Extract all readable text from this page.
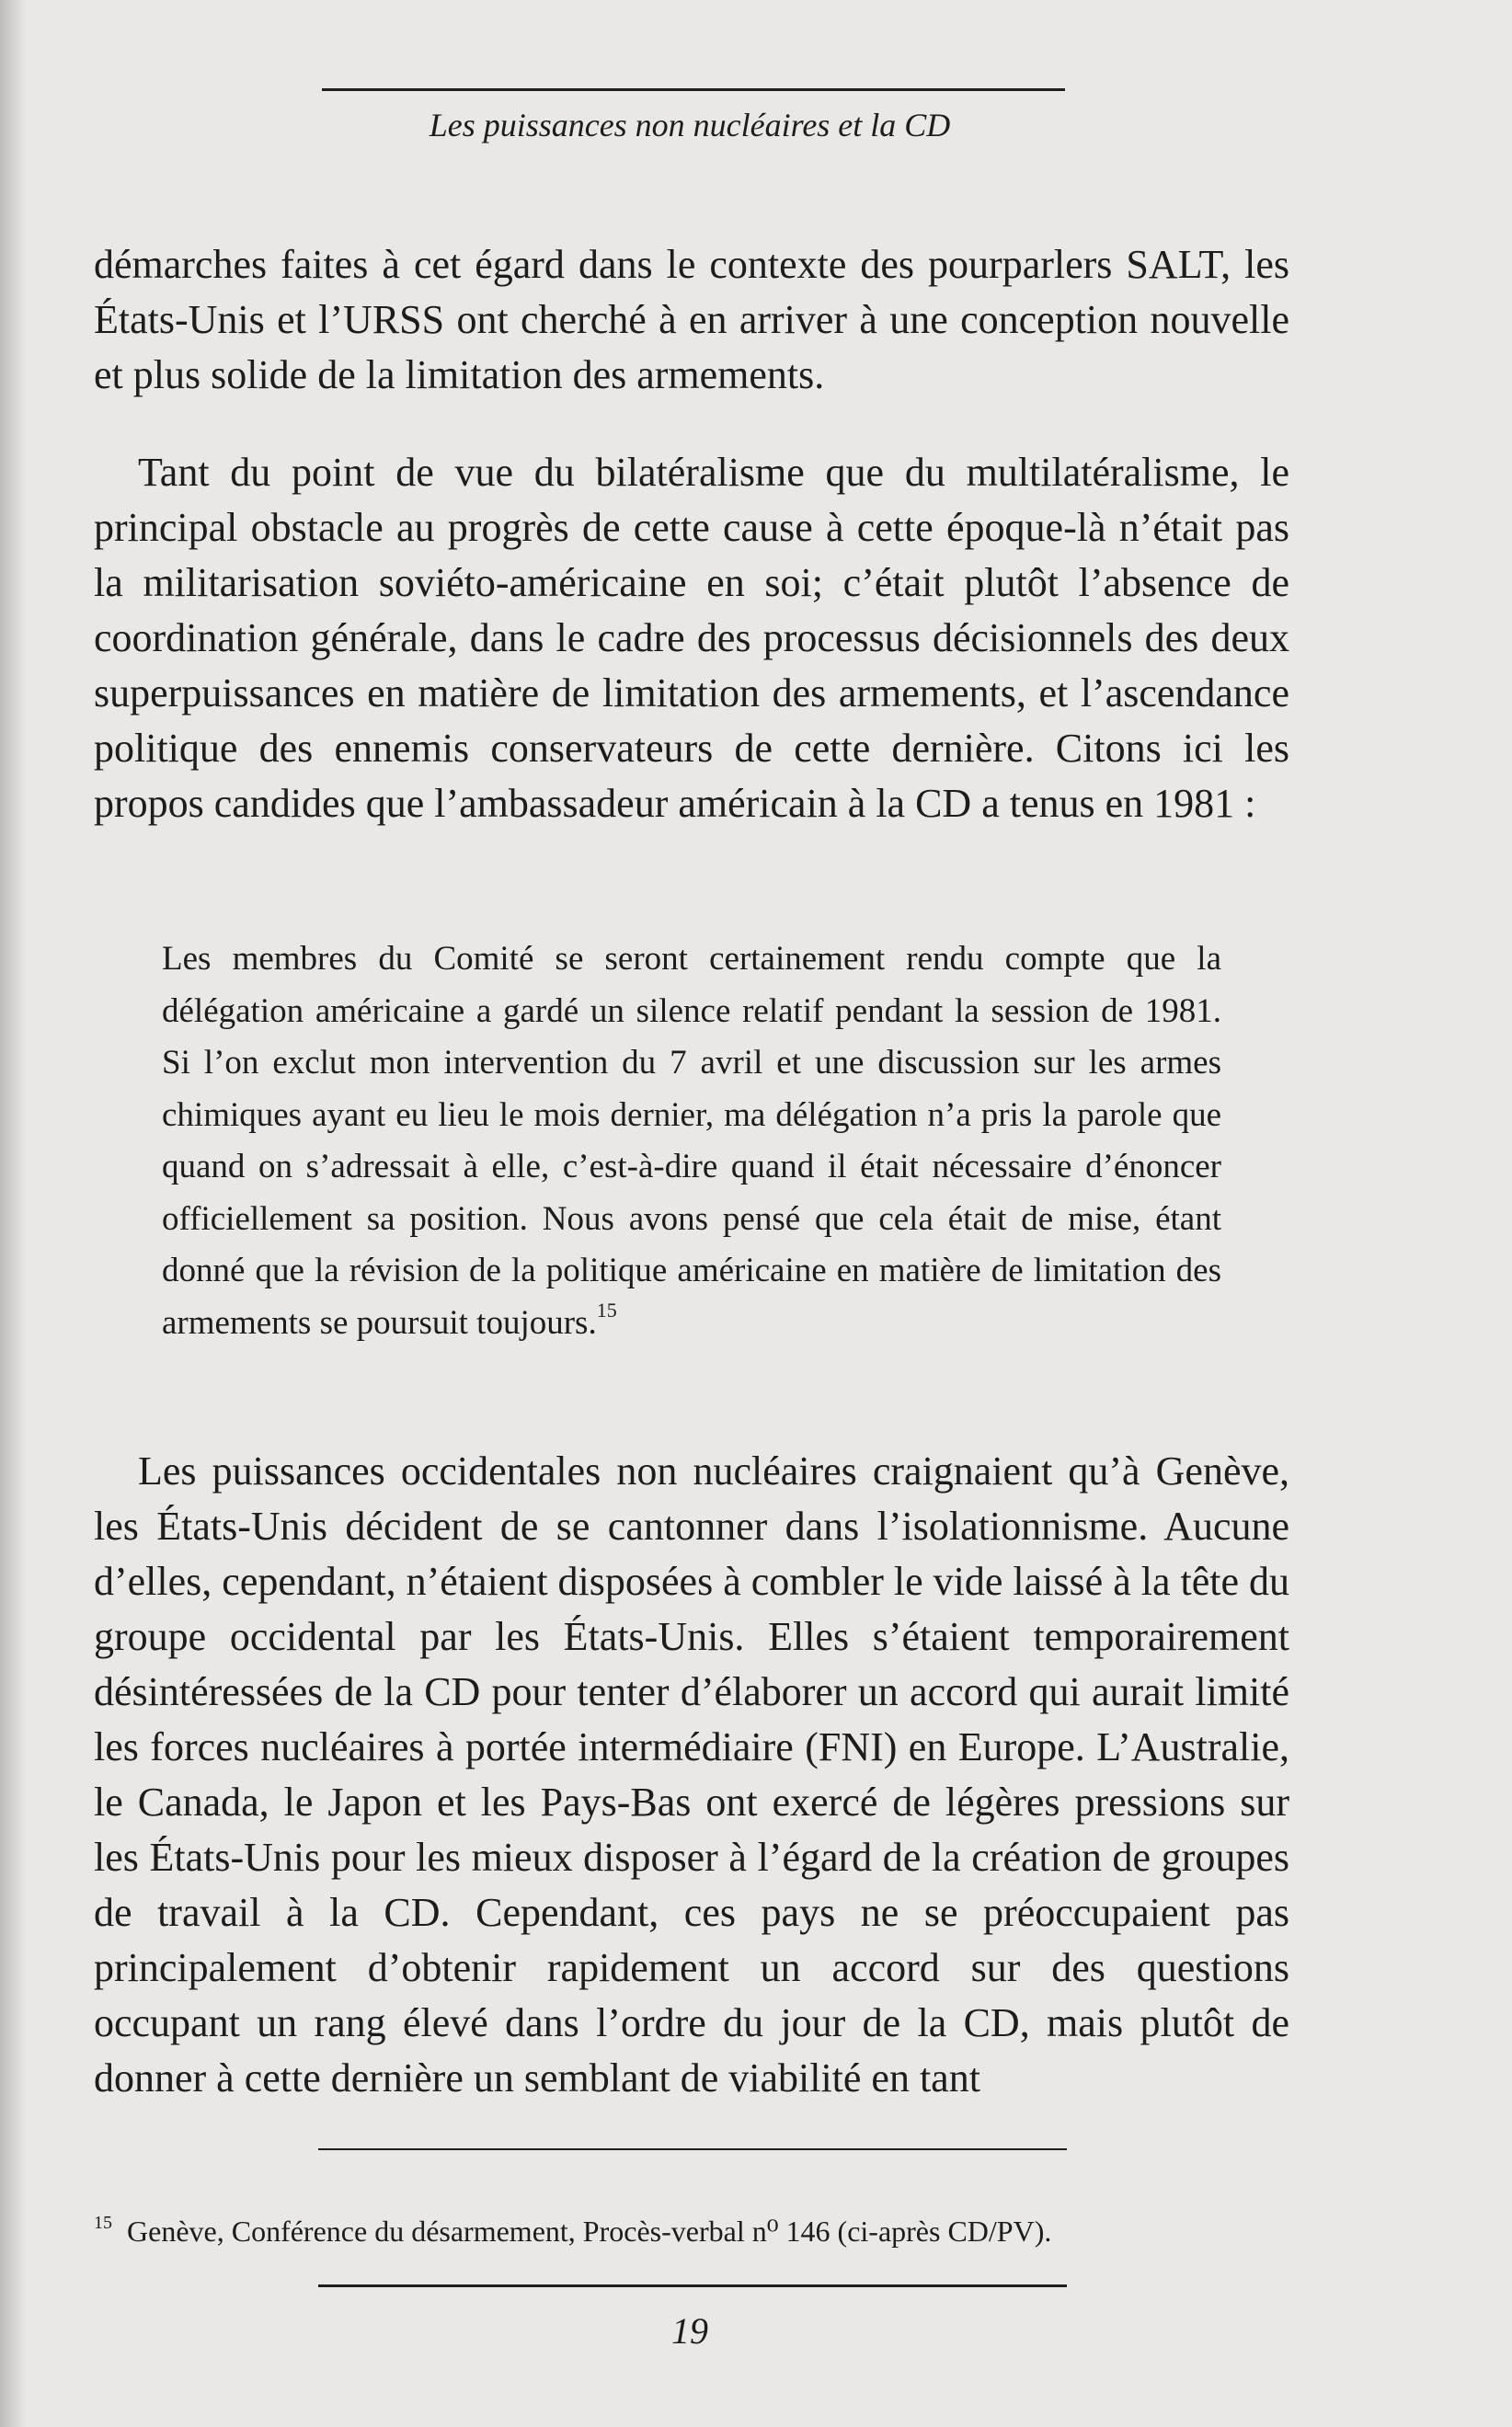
Les puissances non nucléaires et la CD

démarches faites à cet égard dans le contexte des pourparlers SALT, les États-Unis et l’URSS ont cherché à en arriver à une conception nouvelle et plus solide de la limitation des armements.

Tant du point de vue du bilatéralisme que du multilatéralisme, le principal obstacle au progrès de cette cause à cette époque-là n’était pas la militarisation soviéto-américaine en soi; c’était plutôt l’absence de coordination générale, dans le cadre des processus décisionnels des deux superpuissances en matière de limitation des armements, et l’ascendance politique des ennemis conservateurs de cette dernière. Citons ici les propos candides que l’ambassadeur américain à la CD a tenus en 1981 :

Les membres du Comité se seront certainement rendu compte que la délégation américaine a gardé un silence relatif pendant la session de 1981. Si l’on exclut mon intervention du 7 avril et une discussion sur les armes chimiques ayant eu lieu le mois dernier, ma délégation n’a pris la parole que quand on s’adressait à elle, c’est-à-dire quand il était nécessaire d’énoncer officiellement sa position. Nous avons pensé que cela était de mise, étant donné que la révision de la politique américaine en matière de limitation des armements se poursuit toujours.$^{15}$

Les puissances occidentales non nucléaires craignaient qu’à Genève, les États-Unis décident de se cantonner dans l’isolationnisme. Aucune d’elles, cependant, n’étaient disposées à combler le vide laissé à la tête du groupe occidental par les États-Unis. Elles s’étaient temporairement désintéressées de la CD pour tenter d’élaborer un accord qui aurait limité les forces nucléaires à portée intermédiaire (FNI) en Europe. L’Australie, le Canada, le Japon et les Pays-Bas ont exercé de légères pressions sur les États-Unis pour les mieux disposer à l’égard de la création de groupes de travail à la CD. Cependant, ces pays ne se préoccupaient pas principalement d’obtenir rapidement un accord sur des questions occupant un rang élevé dans l’ordre du jour de la CD, mais plutôt de donner à cette dernière un semblant de viabilité en tant

$^{15}$ Genève, Conférence du désarmement, Procès-verbal n⁰ 146 (ci-après CD/PV).
19
